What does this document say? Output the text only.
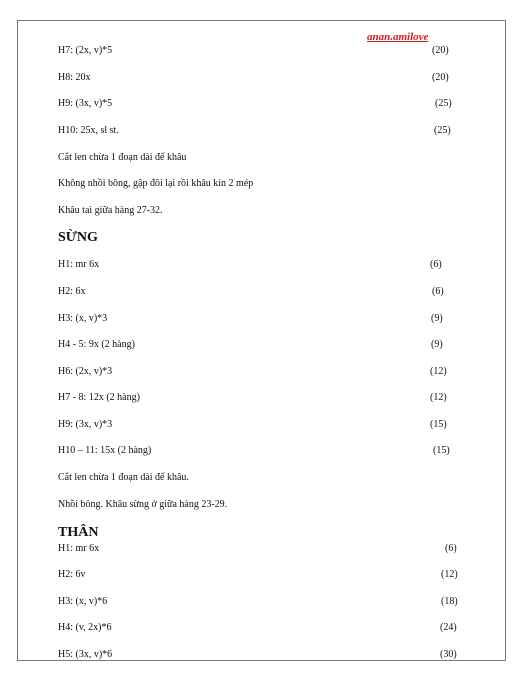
anan.amilove
H7: (2x, v)*5	(20)
H8: 20x	(20)
H9: (3x, v)*5	(25)
H10: 25x, sl st.	(25)
Cắt len chừa 1 đoạn dài để khâu
Không nhồi bông, gập đôi lại rồi khâu kín 2 mép
Khâu tai giữa hàng 27-32.
SỪNG
H1: mr 6x	(6)
H2: 6x	(6)
H3: (x, v)*3	(9)
H4 - 5: 9x (2 hàng)	(9)
H6: (2x, v)*3	(12)
H7 - 8: 12x (2 hàng)	(12)
H9: (3x, v)*3	(15)
H10 – 11: 15x (2 hàng)	(15)
Cắt len chừa 1 đoạn dài để khâu.
Nhồi bông. Khâu sừng ở giữa hàng 23-29.
THÂN
H1: mr 6x	(6)
H2: 6v	(12)
H3: (x, v)*6	(18)
H4: (v, 2x)*6	(24)
H5: (3x, v)*6	(30)
